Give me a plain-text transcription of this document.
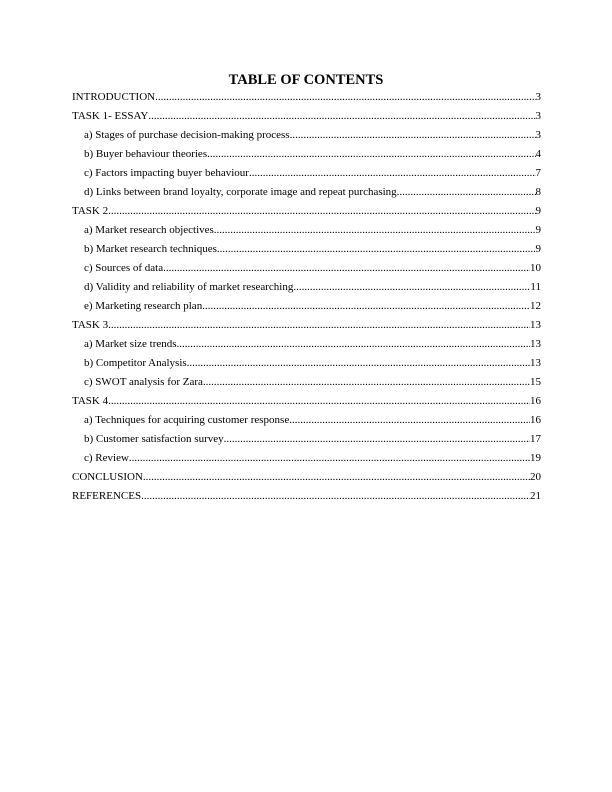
TABLE OF CONTENTS
INTRODUCTION .....	3
TASK 1- ESSAY .....	3
a) Stages of purchase decision-making process .....	3
b) Buyer behaviour theories .....	4
c) Factors impacting buyer behaviour .....	7
d) Links between brand loyalty, corporate image and repeat purchasing .....	8
TASK 2 .....	9
a) Market research objectives .....	9
b) Market research techniques .....	9
c) Sources of data .....	10
d) Validity and reliability of market researching .....	11
e) Marketing research plan .....	12
TASK 3 .....	13
a) Market size trends .....	13
b) Competitor Analysis .....	13
c) SWOT analysis for Zara .....	15
TASK 4 .....	16
a) Techniques for acquiring customer response .....	16
b) Customer satisfaction survey .....	17
c) Review .....	19
CONCLUSION .....	20
REFERENCES .....	21
